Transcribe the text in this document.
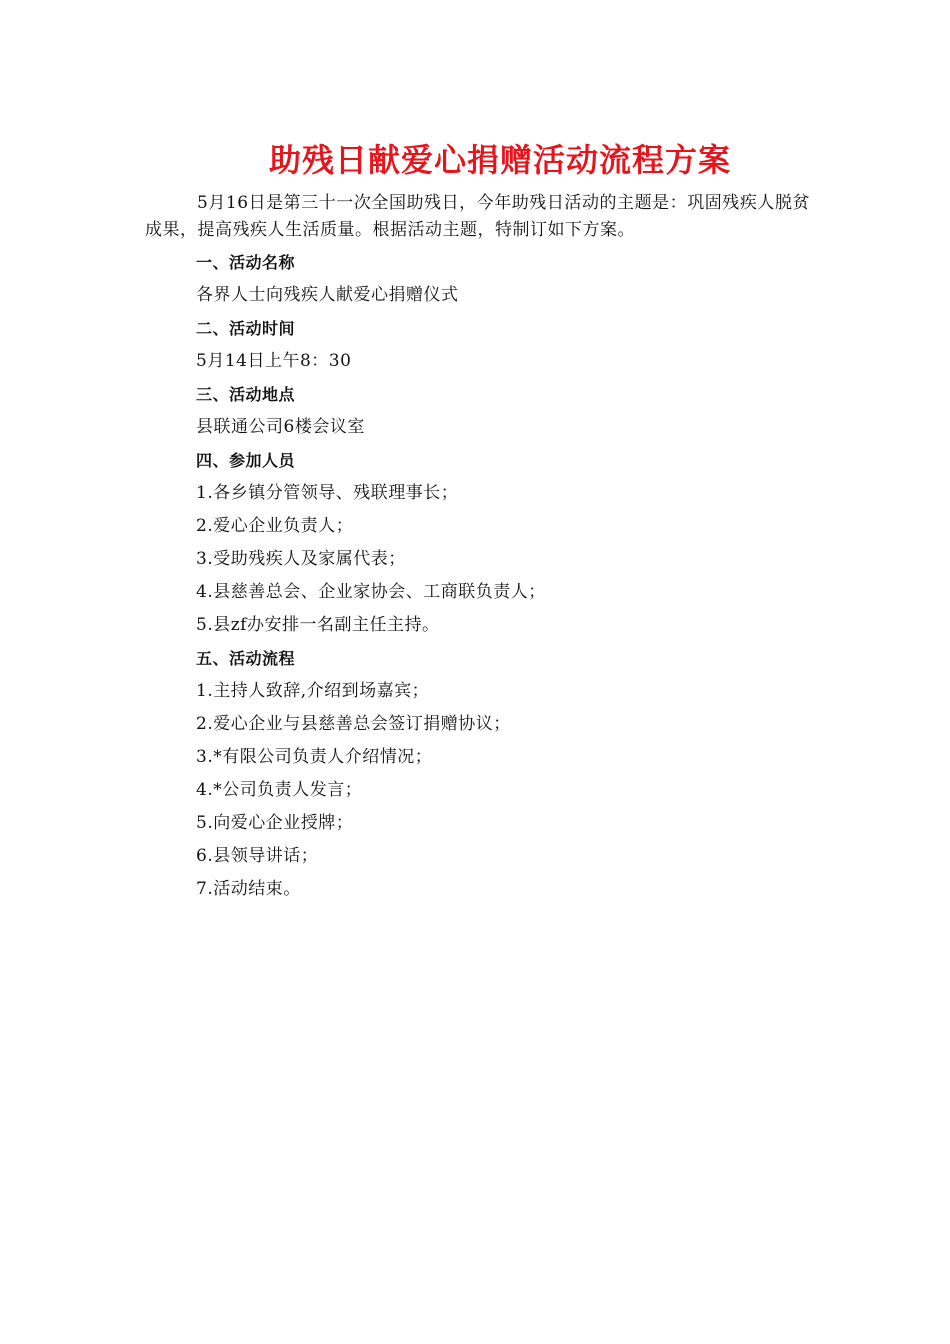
助残日献爱心捐赠活动流程方案
5月16日是第三十一次全国助残日，今年助残日活动的主题是：巩固残疾人脱贫成果，提高残疾人生活质量。根据活动主题，特制订如下方案。
一、活动名称
各界人士向残疾人献爱心捐赠仪式
二、活动时间
5月14日上午8：30
三、活动地点
县联通公司6楼会议室
四、参加人员
1.各乡镇分管领导、残联理事长；
2.爱心企业负责人；
3.受助残疾人及家属代表；
4.县慈善总会、企业家协会、工商联负责人；
5.县zf办安排一名副主任主持。
五、活动流程
1.主持人致辞,介绍到场嘉宾；
2.爱心企业与县慈善总会签订捐赠协议；
3.*有限公司负责人介绍情况；
4.*公司负责人发言；
5.向爱心企业授牌；
6.县领导讲话；
7.活动结束。
